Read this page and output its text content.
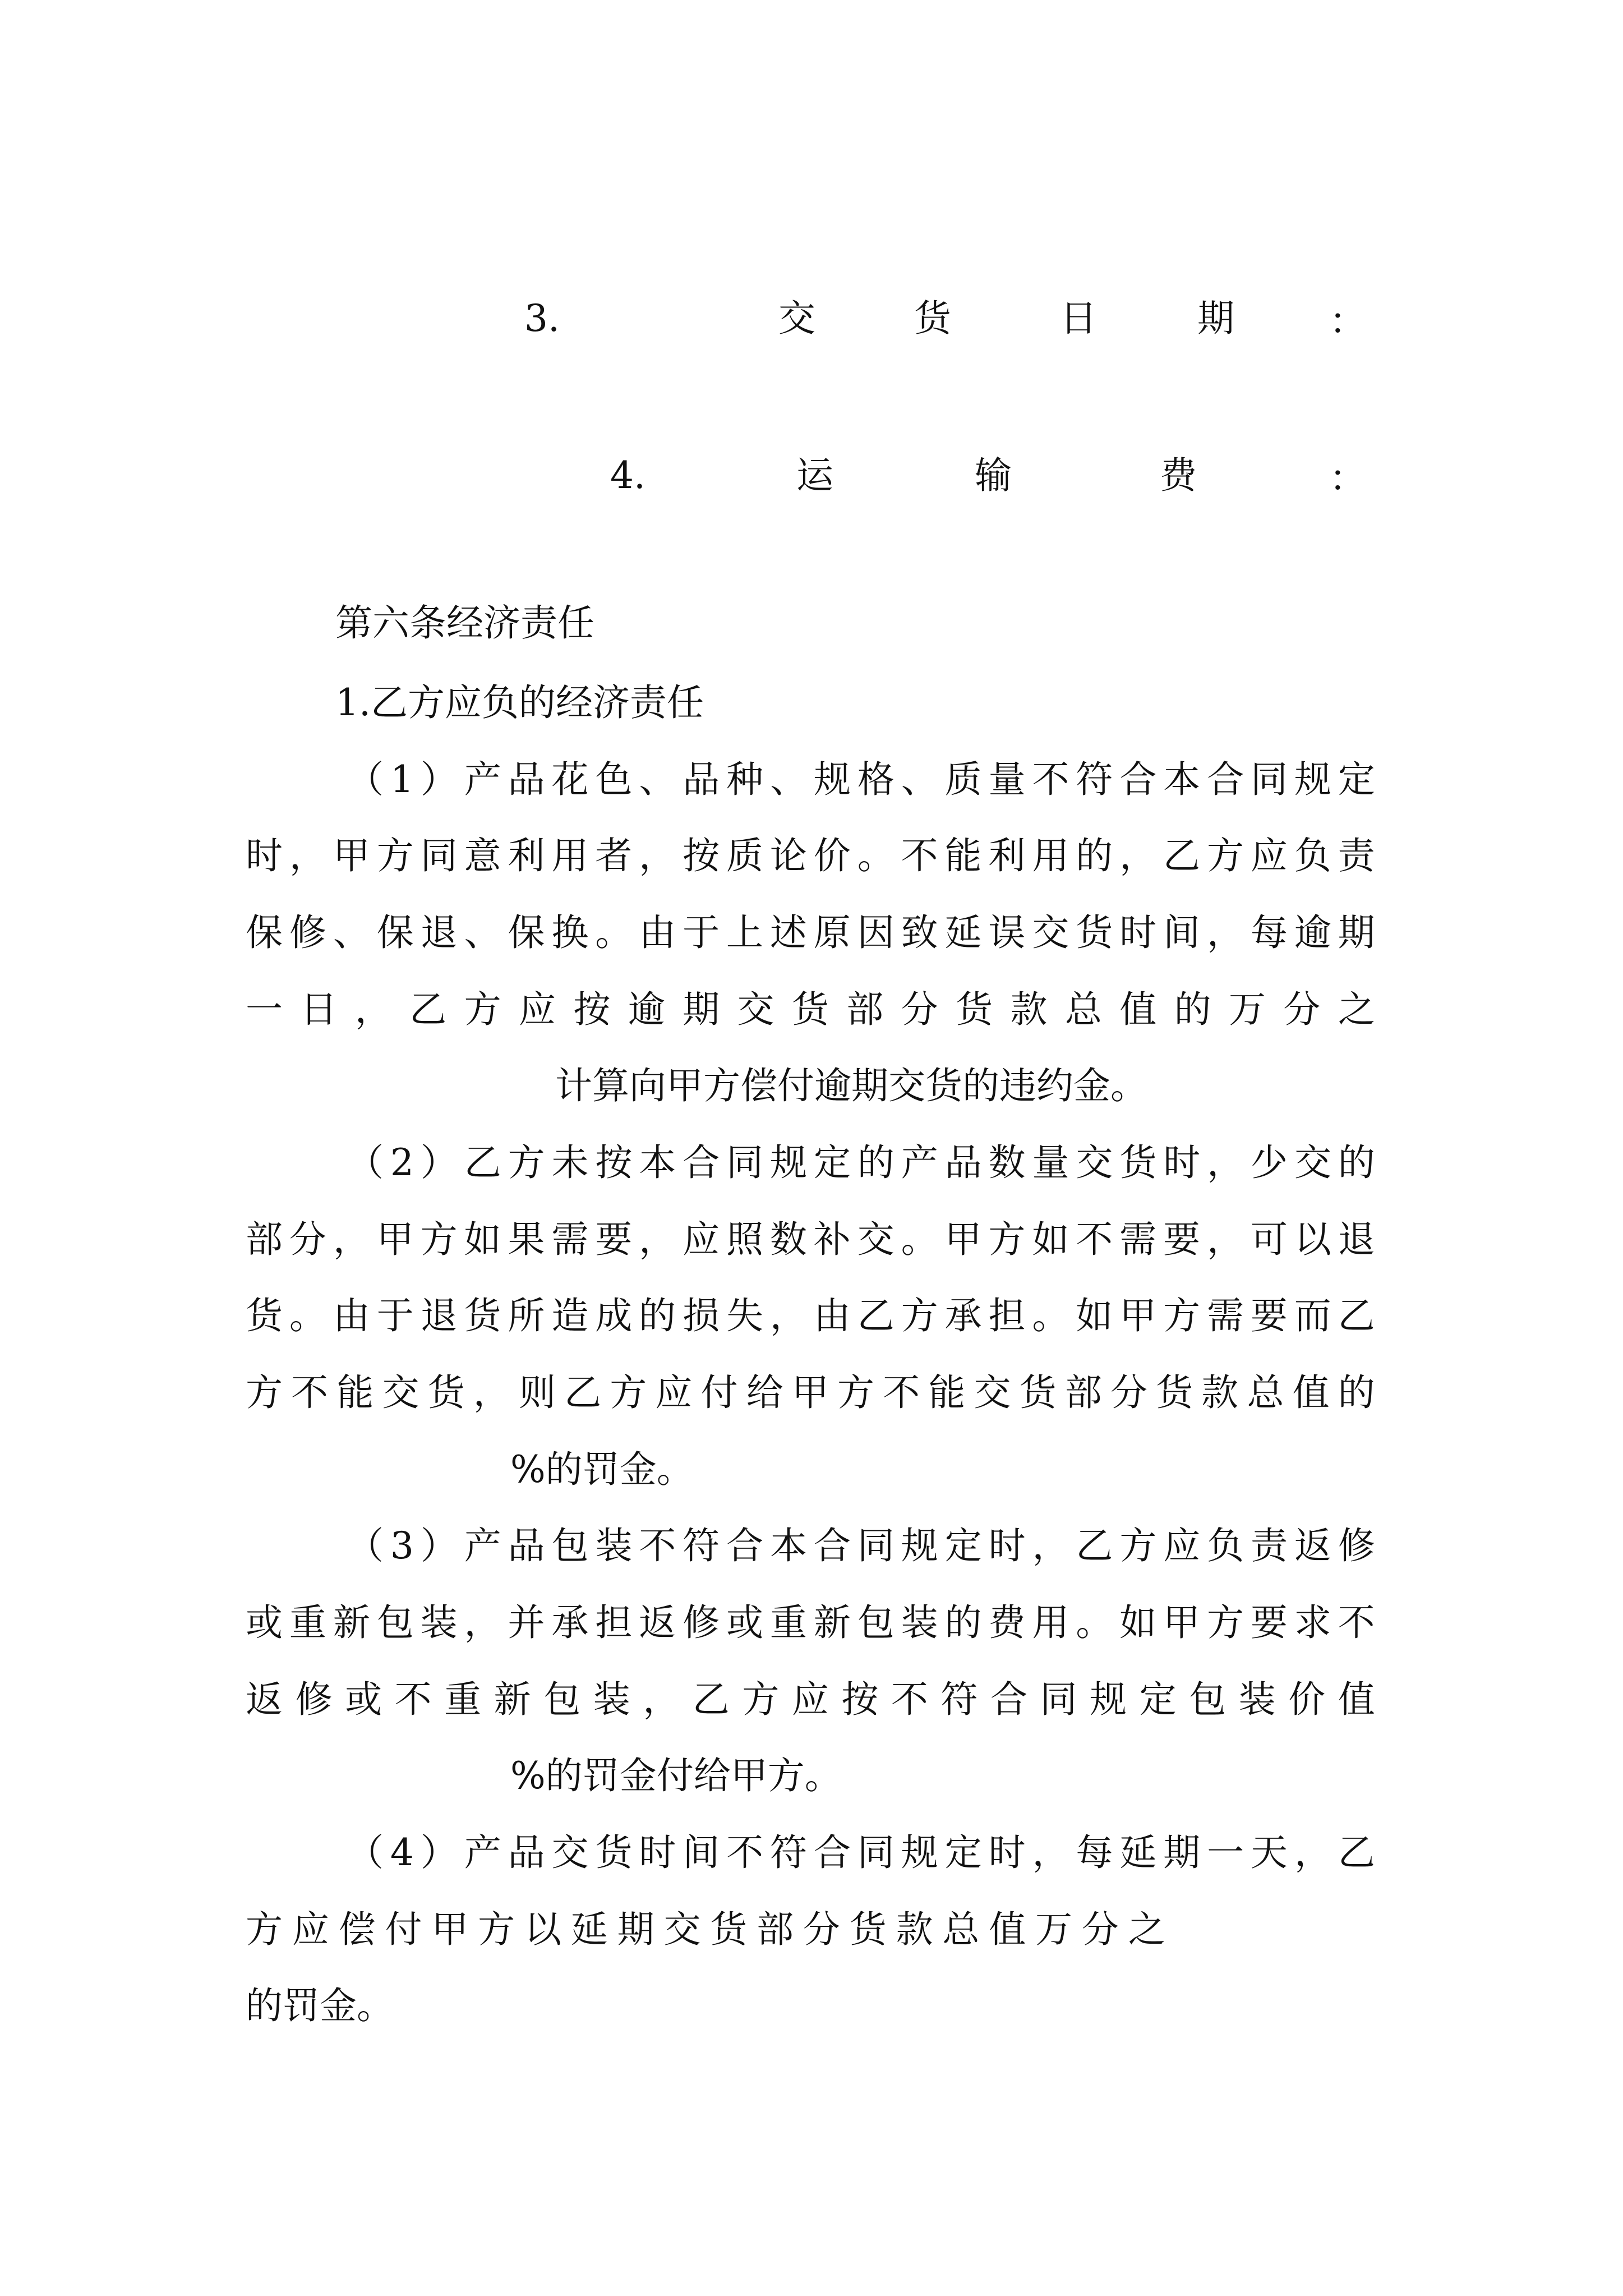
3.	交	货	日	期	：
4.	运	输	费	：
第六条经济责任
1.乙方应负的经济责任
（ 1 ） 产 品 花 色 、 品 种 、 规 格 、 质 量 不 符 合 本 合 同 规 定
时 ， 甲 方 同 意 利 用 者 ， 按 质 论 价 。 不 能 利 用 的 ， 乙 方 应 负 责
保 修 、 保 退 、 保 换 。 由 于 上 述 原 因 致 延 误 交 货 时 间 ， 每 逾 期
一 日 ， 乙 方 应 按 逾 期 交 货 部 分 货 款 总 值 的 万 分 之
计算向甲方偿付逾期交货的违约金。
（ 2 ） 乙 方 未 按 本 合 同 规 定 的 产 品 数 量 交 货 时 ， 少 交 的
部 分 ， 甲 方 如 果 需 要 ， 应 照 数 补 交 。 甲 方 如 不 需 要 ， 可 以 退
货 。 由 于 退 货 所 造 成 的 损 失 ， 由 乙 方 承 担 。 如 甲 方 需 要 而 乙
方 不 能 交 货 ， 则 乙 方 应 付 给 甲 方 不 能 交 货 部 分 货 款 总 值 的
%的罚金。
（ 3 ） 产 品 包 装 不 符 合 本 合 同 规 定 时 ， 乙 方 应 负 责 返 修
或 重 新 包 装 ， 并 承 担 返 修 或 重 新 包 装 的 费 用 。 如 甲 方 要 求 不
返 修 或 不 重 新 包 装 ， 乙 方 应 按 不 符 合 同 规 定 包 装 价 值
%的罚金付给甲方。
（ 4 ） 产 品 交 货 时 间 不 符 合 同 规 定 时 ， 每 延 期 一 天 ， 乙
方 应 偿 付 甲 方 以 延 期 交 货 部 分 货 款 总 值 万 分 之
的罚金。
